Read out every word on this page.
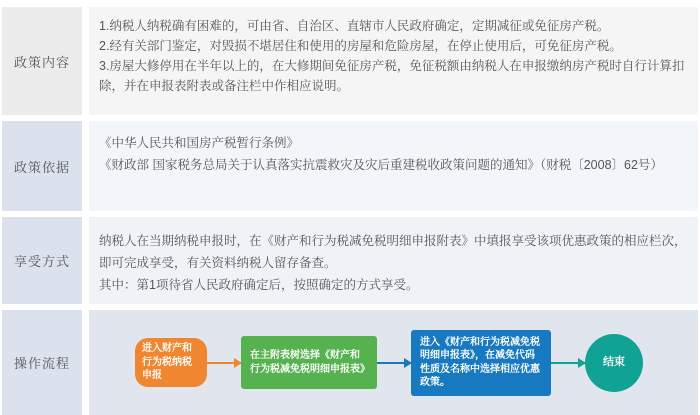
政策内容

1.纳税人纳税确有困难的，可由省、自治区、直辖市人民政府确定，定期减征或免征房产税。

2.经有关部门鉴定，对毁损不堪居住和使用的房屋和危险房屋，在停止使用后，可免征房产税。

3.房屋大修停用在半年以上的，在大修期间免征房产税，免征税额由纳税人在申报缴纳房产税时自行计算扣除，并在申报表附表或备注栏中作相应说明。

政策依据

《中华人民共和国房产税暂行条例》

《财政部 国家税务总局关于认真落实抗震救灾及灾后重建税收政策问题的通知》（财税〔2008〕62号）

享受方式

纳税人在当期纳税申报时，在《财产和行为税减免税明细申报附表》中填报享受该项优惠政策的相应栏次，即可完成享受，有关资料纳税人留存备查。

其中：第1项待省人民政府确定后，按照确定的方式享受。

操作流程
进入财产和行为税纳税申报
在主附表树选择《财产和行为税减免税明细申报表》
进入《财产和行为税减免税明细申报表》，在减免代码性质及名称中选择相应优惠政策。
结束
